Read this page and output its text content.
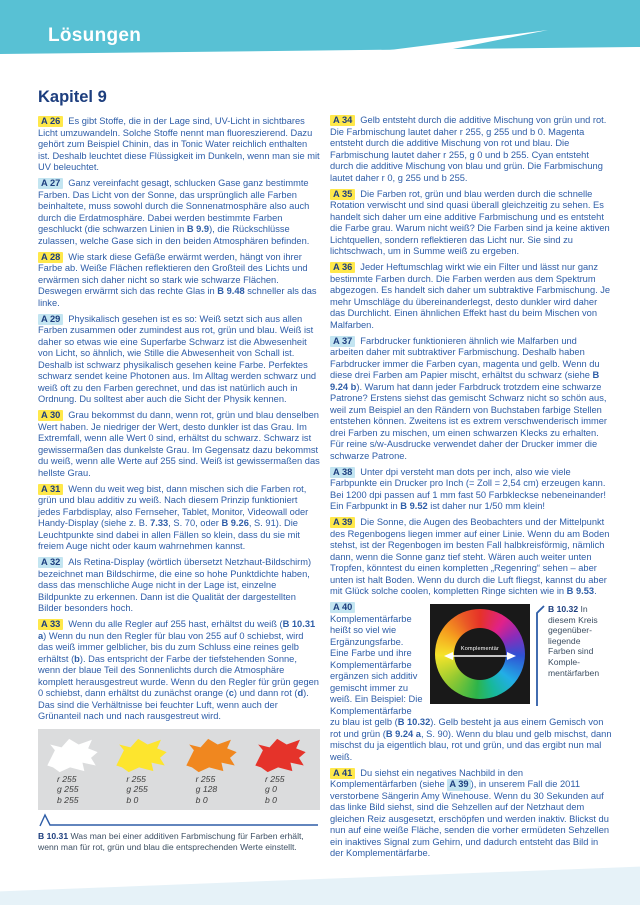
Lösungen
Kapitel 9

A 26 Es gibt Stoffe, die in der Lage sind, UV-Licht in sichtbares Licht umzuwandeln. Solche Stoffe nennt man fluoreszierend. Dazu gehört zum Beispiel Chinin, das in Tonic Water reichlich enthalten ist. Deshalb leuchtet diese Flüssigkeit im Dunkeln, wenn man sie mit UV beleuchtet.

A 27 Ganz vereinfacht gesagt, schlucken Gase ganz bestimmte Farben. Das Licht von der Sonne, das ursprünglich alle Farben beinhaltete, muss sowohl durch die Sonnenatmosphäre also auch durch die Erdatmosphäre. Dabei werden bestimmte Farben geschluckt (die schwarzen Linien in B 9.9), die Rückschlüsse zulassen, welche Gase sich in den beiden Atmosphären befinden.

A 28 Wie stark diese Gefäße erwärmt werden, hängt von ihrer Farbe ab. Weiße Flächen reflektieren den Großteil des Lichts und erwärmen sich daher nicht so stark wie schwarze Flächen. Deswegen erwärmt sich das rechte Glas in B 9.48 schneller als das linke.

A 29 Physikalisch gesehen ist es so: Weiß setzt sich aus allen Farben zusammen oder zumindest aus rot, grün und blau. Weiß ist daher so etwas wie eine Superfarbe Schwarz ist die Abwesenheit von Licht, so ähnlich, wie Stille die Abwesenheit von Schall ist. Deshalb ist schwarz physikalisch gesehen keine Farbe. Perfektes schwarz sendet keine Photonen aus. Im Alltag werden schwarz und weiß oft zu den Farben gerechnet, und das ist natürlich auch in Ordnung. Du solltest aber auch die Sicht der Physik kennen.

A 30 Grau bekommst du dann, wenn rot, grün und blau denselben Wert haben. Je niedriger der Wert, desto dunkler ist das Grau. Im Extremfall, wenn alle Wert 0 sind, erhältst du schwarz. Schwarz ist gewissermaßen das dunkelste Grau. Im Gegensatz dazu bekommst du weiß, wenn alle Werte auf 255 sind. Weiß ist gewissermaßen das hellste Grau.

A 31 Wenn du weit weg bist, dann mischen sich die Farben rot, grün und blau additiv zu weiß. Nach diesem Prinzip funktioniert jedes Farbdisplay, also Fernseher, Tablet, Monitor, Videowall oder Handy-Display (siehe z. B. 7.33, S. 70, oder B 9.26, S. 91). Die Leuchtpunkte sind dabei in allen Fällen so klein, dass du sie mit freiem Auge nicht oder kaum wahrnehmen kannst.

A 32 Als Retina-Display (wörtlich übersetzt Netzhaut-Bildschirm) bezeichnet man Bildschirme, die eine so hohe Punktdichte haben, dass das menschliche Auge nicht in der Lage ist, einzelne Bildpunkte zu erkennen. Dann ist die Qualität der dargestellten Bilder besonders hoch.

A 33 Wenn du alle Regler auf 255 hast, erhältst du weiß (B 10.31 a) Wenn du nun den Regler für blau von 255 auf 0 schiebst, wird das weiß immer gelblicher, bis du zum Schluss eine reines gelb erhältst (b). Das entspricht der Farbe der tiefstehenden Sonne, wenn der blaue Teil des Sonnenlichts durch die Atmosphäre komplett herausgestreut wurde. Wenn du den Regler für grün gegen 0 schiebst, dann erhältst du zunächst orange (c) und dann rot (d). Das sind die Verhältnisse bei feuchter Luft, wenn auch der Grünanteil nach und nach rausgestreut wird.

r 255
g 255
b 255
r 255
g 255
b 0
r 255
g 128
b 0
r 255
g 0
b 0
B 10.31 Was man bei einer additiven Farbmischung für Farben erhält, wenn man für rot, grün und blau die entsprechenden Werte einstellt.

A 34 Gelb entsteht durch die additive Mischung von grün und rot. Die Farbmischung lautet daher r 255, g 255 und b 0. Magenta entsteht durch die additive Mischung von rot und blau. Die Farbmischung lautet daher r 255, g 0 und b 255. Cyan entsteht durch die additive Mischung von blau und grün. Die Farbmischung lautet daher r 0, g 255 und b 255.

A 35 Die Farben rot, grün und blau werden durch die schnelle Rotation verwischt und sind quasi überall gleichzeitig zu sehen. Es handelt sich daher um eine additive Farbmischung und es entsteht die Farbe grau. Warum nicht weiß? Die Farben sind ja keine aktiven Lichtquellen, sondern reflektieren das Licht nur. Sie sind zu lichtschwach, um in Summe weiß zu ergeben.

A 36 Jeder Heftumschlag wirkt wie ein Filter und lässt nur ganz bestimmte Farben durch. Die Farben werden aus dem Spektrum abgezogen. Es handelt sich daher um subtraktive Farbmischung. Je mehr Umschläge du übereinanderlegst, desto dunkler wird daher das Durchlicht. Einen ähnlichen Effekt hast du beim Mischen von Malfarben.

A 37 Farbdrucker funktionieren ähnlich wie Malfarben und arbeiten daher mit subtraktiver Farbmischung. Deshalb haben Farbdrucker immer die Farben cyan, magenta und gelb. Wenn du diese drei Farben am Papier mischt, erhältst du schwarz (siehe B 9.24 b). Warum hat dann jeder Farbdruck trotzdem eine schwarze Patrone? Erstens siehst das gemischt Schwarz nicht so schön aus, weil zum Beispiel an den Rändern von Buchstaben farbige Stellen entstehen können. Zweitens ist es extrem verschwenderisch immer drei Farben zu mischen, um einen schwarzen Klecks zu erhalten. Für reine s/w-Ausdrucke verwendet daher der Drucker immer die schwarze Patrone.

A 38 Unter dpi versteht man dots per inch, also wie viele Farbpunkte ein Drucker pro Inch (= Zoll = 2,54 cm) erzeugen kann. Bei 1200 dpi passen auf 1 mm fast 50 Farbkleckse nebeneinander! Ein Farbpunkt in B 9.52 ist daher nur 1/50 mm klein!

A 39 Die Sonne, die Augen des Beobachters und der Mittelpunkt des Regenbogens liegen immer auf einer Linie. Wenn du am Boden stehst, ist der Regenbogen im besten Fall halbkreisförmig, nämlich dann, wenn die Sonne ganz tief steht. Wären auch weiter unten Tropfen, könntest du einen kompletten „Regenring“ sehen – aber unten ist halt Boden. Wenn du durch die Luft fliegst, kannst du aber mit Glück solche coolen, kompletten Ringe sichten wie in B 9.53.

Komplementär
B 10.32 In diesem Kreis gegenüberliegende Farben sind Komplementärfarben
A 40Komplementärfarbe heißt so viel wie Ergänzungsfarbe. Eine Farbe und ihre Komplementärfarbe ergänzen sich additiv gemischt immer zu weiß. Ein Beispiel: Die Komplementärfarbe zu blau ist gelb (B 10.32). Gelb besteht ja aus einem Gemisch von rot und grün (B 9.24 a, S. 90). Wenn du blau und gelb mischst, dann mischst du ja eigentlich blau, rot und grün, und das ergibt nun mal weiß.

A 41 Du siehst ein negatives Nachbild in den Komplementärfarben (siehe A 39 ), in unserem Fall die 2011 verstorbene Sängerin Amy Winehouse. Wenn du 30 Sekunden auf das linke Bild siehst, sind die Sehzellen auf der Netzhaut dem gleichen Reiz ausgesetzt, erschöpfen und werden inaktiv. Blickst du nun auf eine weiße Fläche, senden die vorher ermüdeten Sehzellen ein inaktives Signal zum Gehirn, und dadurch entsteht das Bild in der Komplementärfarbe.
